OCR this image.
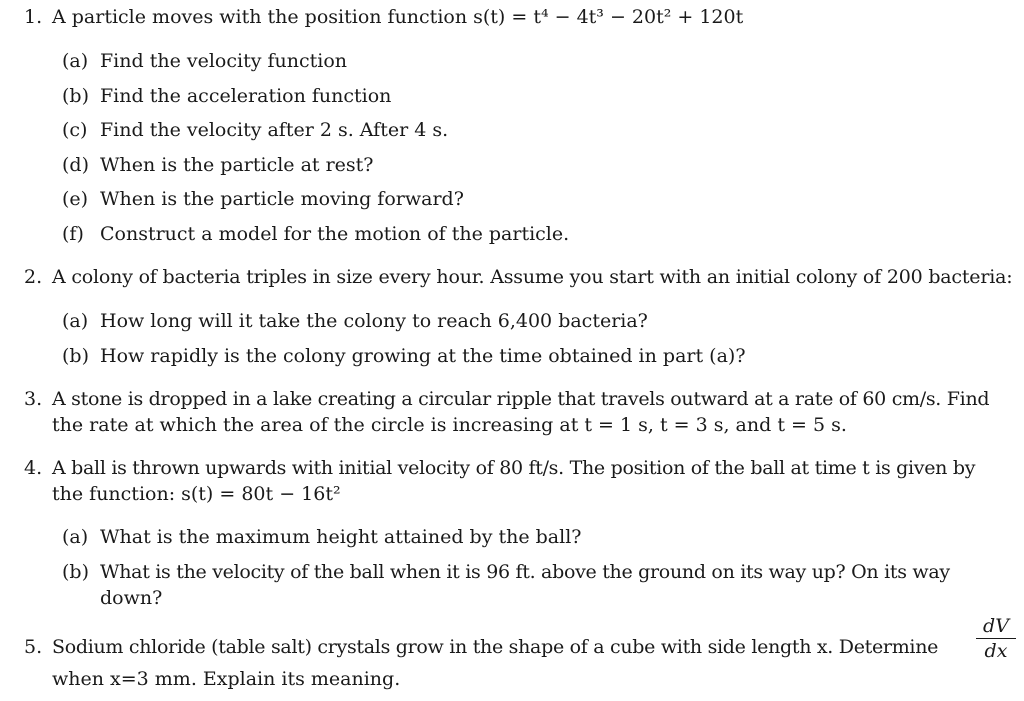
1. A particle moves with the position function s(t) = t⁴ − 4t³ − 20t² + 120t
(a) Find the velocity function
(b) Find the acceleration function
(c) Find the velocity after 2 s. After 4 s.
(d) When is the particle at rest?
(e) When is the particle moving forward?
(f) Construct a model for the motion of the particle.
2. A colony of bacteria triples in size every hour. Assume you start with an initial colony of 200 bacteria:
(a) How long will it take the colony to reach 6,400 bacteria?
(b) How rapidly is the colony growing at the time obtained in part (a)?
3. A stone is dropped in a lake creating a circular ripple that travels outward at a rate of 60 cm/s. Find
the rate at which the area of the circle is increasing at t = 1 s, t = 3 s, and t = 5 s.
4. A ball is thrown upwards with initial velocity of 80 ft/s. The position of the ball at time t is given by
the function: s(t) = 80t − 16t²
(a) What is the maximum height attained by the ball?
(b) What is the velocity of the ball when it is 96 ft. above the ground on its way up? On its way
down?
5. Sodium chloride (table salt) crystals grow in the shape of a cube with side length x. Determine	$\frac{dV}{dx}$
when x=3 mm. Explain its meaning.
